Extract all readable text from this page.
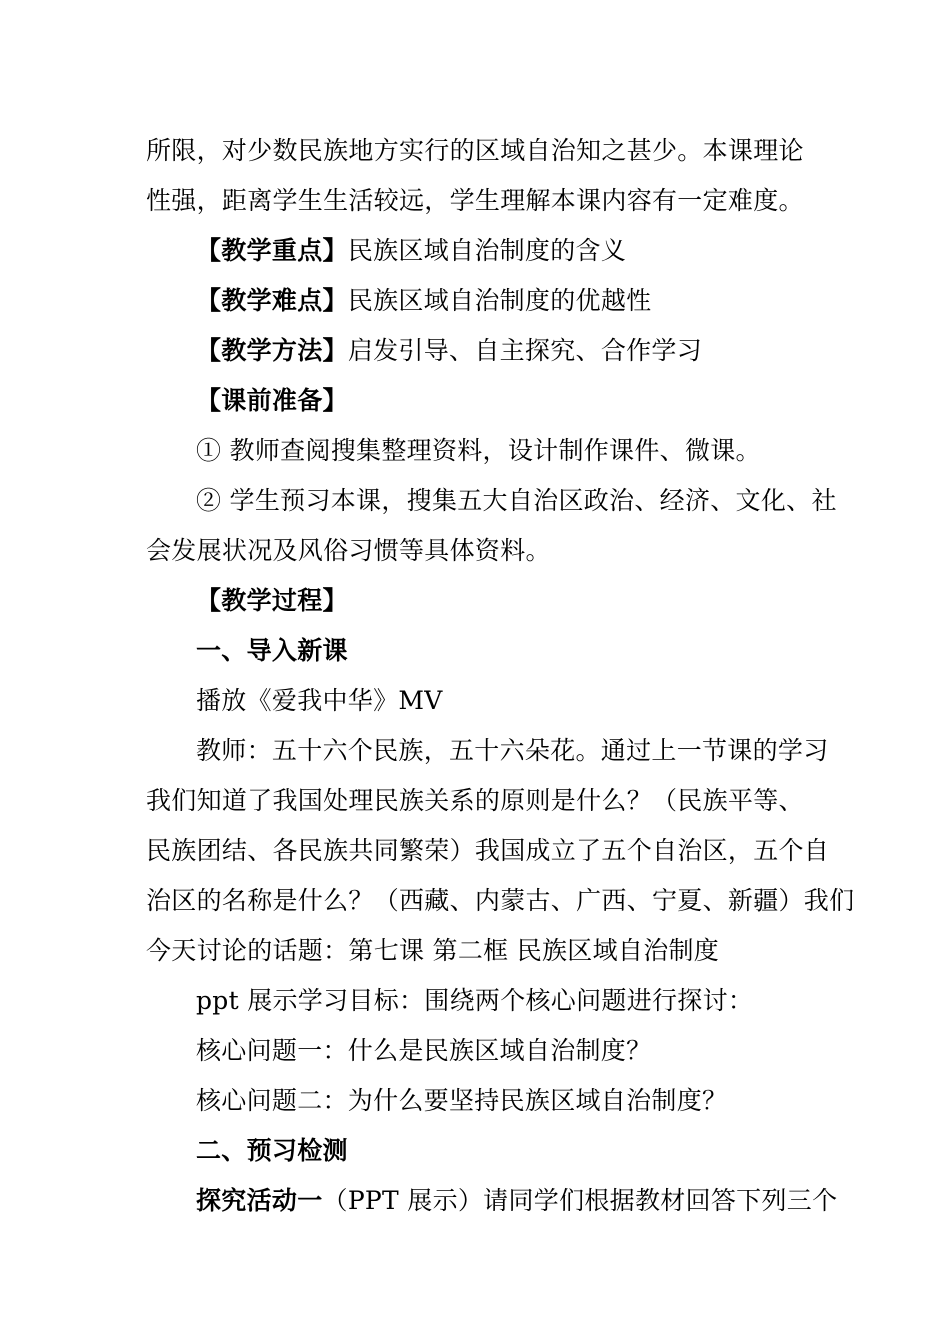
所限，对少数民族地方实行的区域自治知之甚少。本课理论
性强，距离学生生活较远，学生理解本课内容有一定难度。
【教学重点】民族区域自治制度的含义
【教学难点】民族区域自治制度的优越性
【教学方法】启发引导、自主探究、合作学习
【课前准备】
① 教师查阅搜集整理资料，设计制作课件、微课。
② 学生预习本课，搜集五大自治区政治、经济、文化、社
会发展状况及风俗习惯等具体资料。
【教学过程】
一、导入新课
播放《爱我中华》MV
教师：五十六个民族，五十六朵花。通过上一节课的学习
我们知道了我国处理民族关系的原则是什么？（民族平等、
民族团结、各民族共同繁荣）我国成立了五个自治区，五个自
治区的名称是什么？（西藏、内蒙古、广西、宁夏、新疆）我们
今天讨论的话题：第七课 第二框 民族区域自治制度
ppt 展示学习目标：围绕两个核心问题进行探讨：
核心问题一：什么是民族区域自治制度？
核心问题二：为什么要坚持民族区域自治制度？
二、预习检测
探究活动一（PPT 展示）请同学们根据教材回答下列三个
